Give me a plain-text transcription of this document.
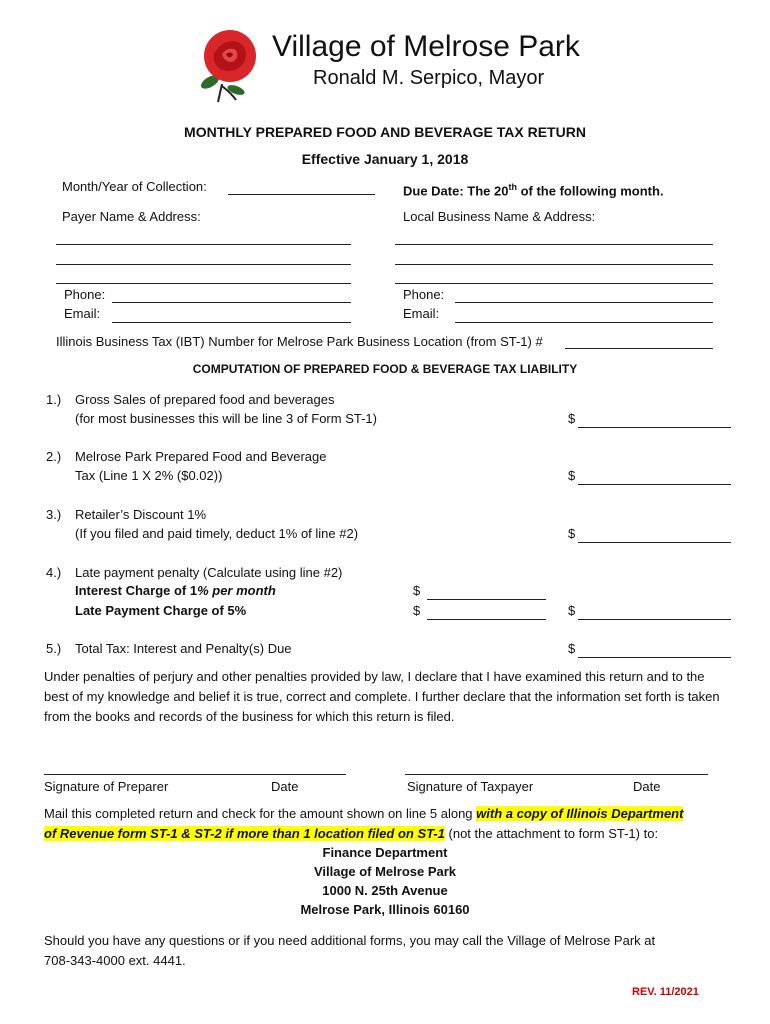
Village of Melrose Park
Ronald M. Serpico, Mayor
MONTHLY PREPARED FOOD AND BEVERAGE TAX RETURN
Effective January 1, 2018
Month/Year of Collection:	Due Date: The 20th of the following month.
Payer Name & Address:	Local Business Name & Address:
Phone:
Email:
Phone:
Email:
Illinois Business Tax (IBT) Number for Melrose Park Business Location (from ST-1) #
COMPUTATION OF PREPARED FOOD & BEVERAGE TAX LIABILITY
1.) Gross Sales of prepared food and beverages
(for most businesses this will be line 3 of Form ST-1)	$
2.) Melrose Park Prepared Food and Beverage
Tax (Line 1 X 2% ($0.02))	$
3.) Retailer’s Discount 1%
(If you filed and paid timely, deduct 1% of line #2)	$
4.) Late payment penalty (Calculate using line #2)
Interest Charge of 1% per month	$
Late Payment Charge of 5%	$	$
5.) Total Tax: Interest and Penalty(s) Due	$
Under penalties of perjury and other penalties provided by law, I declare that I have examined this return and to the best of my knowledge and belief it is true, correct and complete. I further declare that the information set forth is taken from the books and records of the business for which this return is filed.
Signature of Preparer	Date	Signature of Taxpayer	Date
Mail this completed return and check for the amount shown on line 5 along with a copy of Illinois Department
of Revenue form ST-1 & ST-2 if more than 1 location filed on ST-1 (not the attachment to form ST-1) to:
Finance Department
Village of Melrose Park
1000 N. 25th Avenue
Melrose Park, Illinois 60160
Should you have any questions or if you need additional forms, you may call the Village of Melrose Park at
708-343-4000 ext. 4441.
REV. 11/2021
